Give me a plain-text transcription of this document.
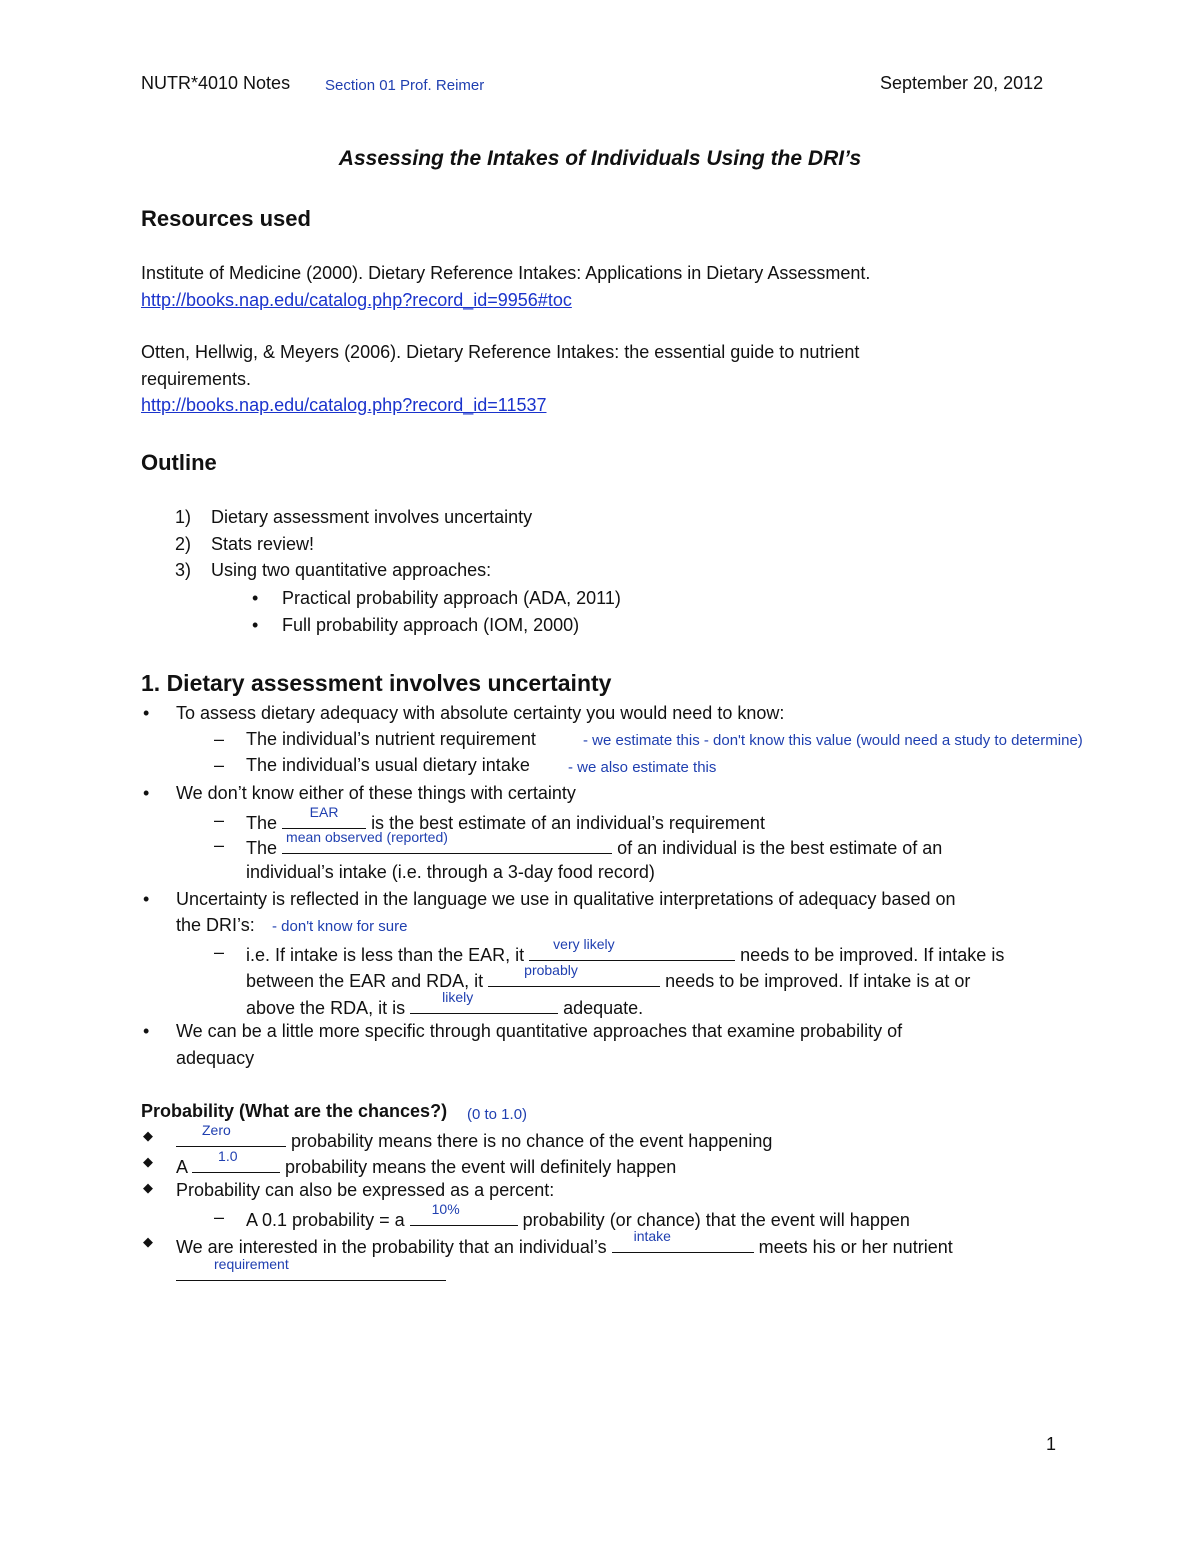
NUTR*4010 Notes Section 01 Prof. Reimer	September 20, 2012
Assessing the Intakes of Individuals Using the DRI’s
Resources used
Institute of Medicine (2000). Dietary Reference Intakes: Applications in Dietary Assessment.
http://books.nap.edu/catalog.php?record_id=9956#toc
Otten, Hellwig, & Meyers (2006). Dietary Reference Intakes: the essential guide to nutrient
requirements.
http://books.nap.edu/catalog.php?record_id=11537
Outline
1) Dietary assessment involves uncertainty
2) Stats review!
3) Using two quantitative approaches:
• Practical probability approach (ADA, 2011)
• Full probability approach (IOM, 2000)
1. Dietary assessment involves uncertainty
• To assess dietary adequacy with absolute certainty you would need to know:
– The individual’s nutrient requirement	- we estimate this - don't know this value (would need a study to determine)
– The individual’s usual dietary intake	- we also estimate this
• We don’t know either of these things with certainty
– The
EAR
is the best estimate of an individual’s requirement
– The
mean observed (reported)
of an individual is the best estimate of an
individual’s intake (i.e. through a 3-day food record)
• Uncertainty is reflected in the language we use in qualitative interpretations of adequacy based on
the DRI’s: - don't know for sure
– i.e. If intake is less than the EAR, it
very likely
needs to be improved. If intake is
between the EAR and RDA, it
probably
needs to be improved. If intake is at or
above the RDA, it is
likely
adequate.
• We can be a little more specific through quantitative approaches that examine probability of
adequacy
Probability (What are the chances?) (0 to 1.0)
◆	Zero
probability means there is no chance of the event happening
◆ A
1.0
probability means the event will definitely happen
◆ Probability can also be expressed as a percent:
– A 0.1 probability = a
10%
probability (or chance) that the event will happen
◆ We are interested in the probability that an individual’s
intake
meets his or her nutrient
requirement
1
